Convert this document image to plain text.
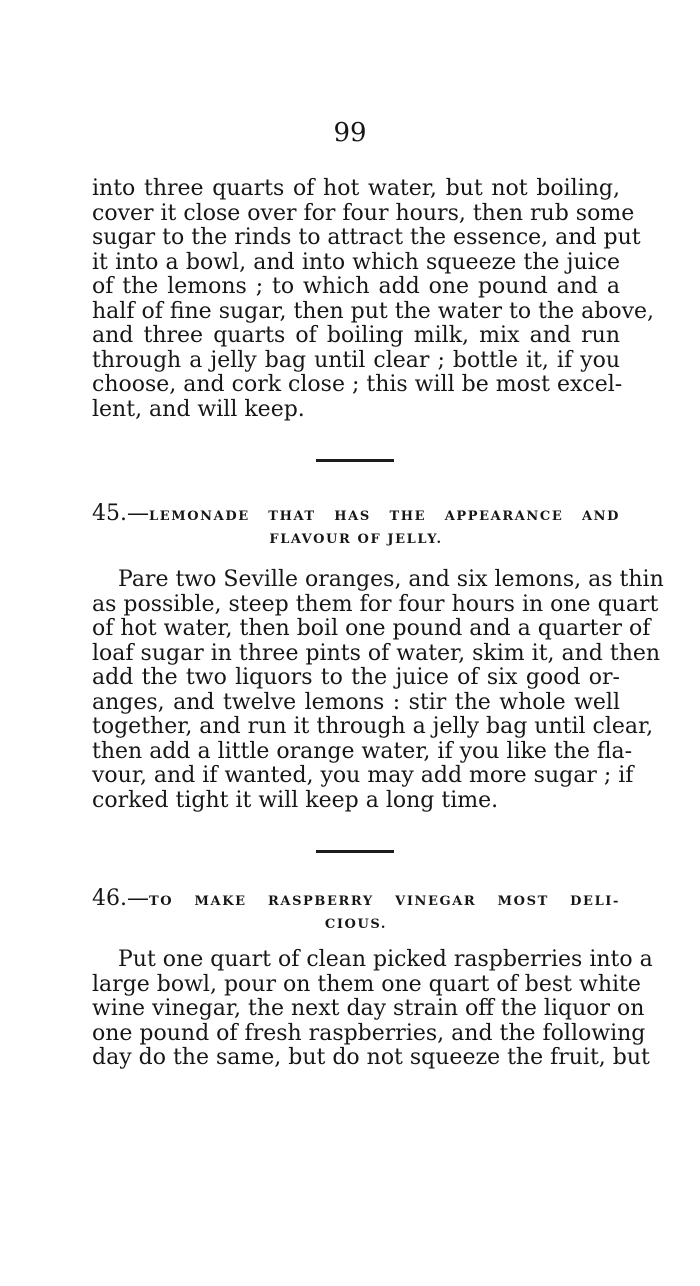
99
into three quarts of hot water, but not boiling,
cover it close over for four hours, then rub some
sugar to the rinds to attract the essence, and put
it into a bowl, and into which squeeze the juice
of the lemons ; to which add one pound and a
half of fine sugar, then put the water to the above,
and three quarts of boiling milk, mix and run
through a jelly bag until clear ; bottle it, if you
choose, and cork close ; this will be most excel-
lent, and will keep.
45.—LEMONADE THAT HAS THE APPEARANCE AND
FLAVOUR OF JELLY.
Pare two Seville oranges, and six lemons, as thin
as possible, steep them for four hours in one quart
of hot water, then boil one pound and a quarter of
loaf sugar in three pints of water, skim it, and then
add the two liquors to the juice of six good or-
anges, and twelve lemons : stir the whole well
together, and run it through a jelly bag until clear,
then add a little orange water, if you like the fla-
vour, and if wanted, you may add more sugar ; if
corked tight it will keep a long time.
46.—TO MAKE RASPBERRY VINEGAR MOST DELI-
CIOUS.
Put one quart of clean picked raspberries into a
large bowl, pour on them one quart of best white
wine vinegar, the next day strain off the liquor on
one pound of fresh raspberries, and the following
day do the same, but do not squeeze the fruit, but
